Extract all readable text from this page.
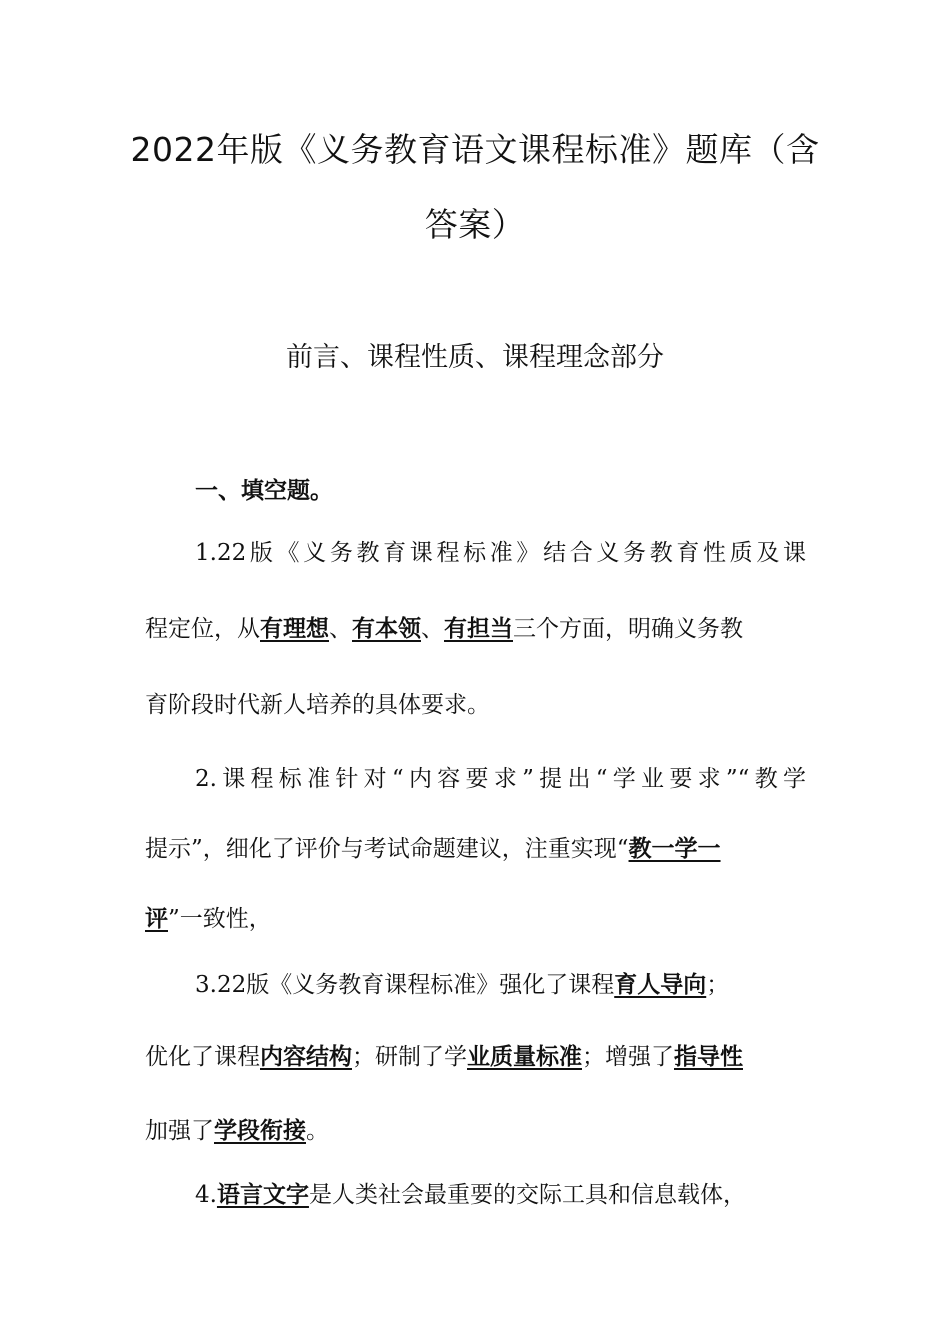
2022年版《义务教育语文课程标准》题库（含
答案）
前言、课程性质、课程理念部分
一、填空题。
1.22版《义务教育课程标准》结合义务教育性质及课
程定位，从有理想、有本领、有担当三个方面，明确义务教
育阶段时代新人培养的具体要求。
2.课程标准针对“内容要求”提出“学业要求”“教学
提示”，细化了评价与考试命题建议，注重实现“教一学一
评”一致性，
3.22版《义务教育课程标准》强化了课程育人导向；
优化了课程内容结构；研制了学业质量标准；增强了指导性
加强了学段衔接。
4.语言文字是人类社会最重要的交际工具和信息载体，
